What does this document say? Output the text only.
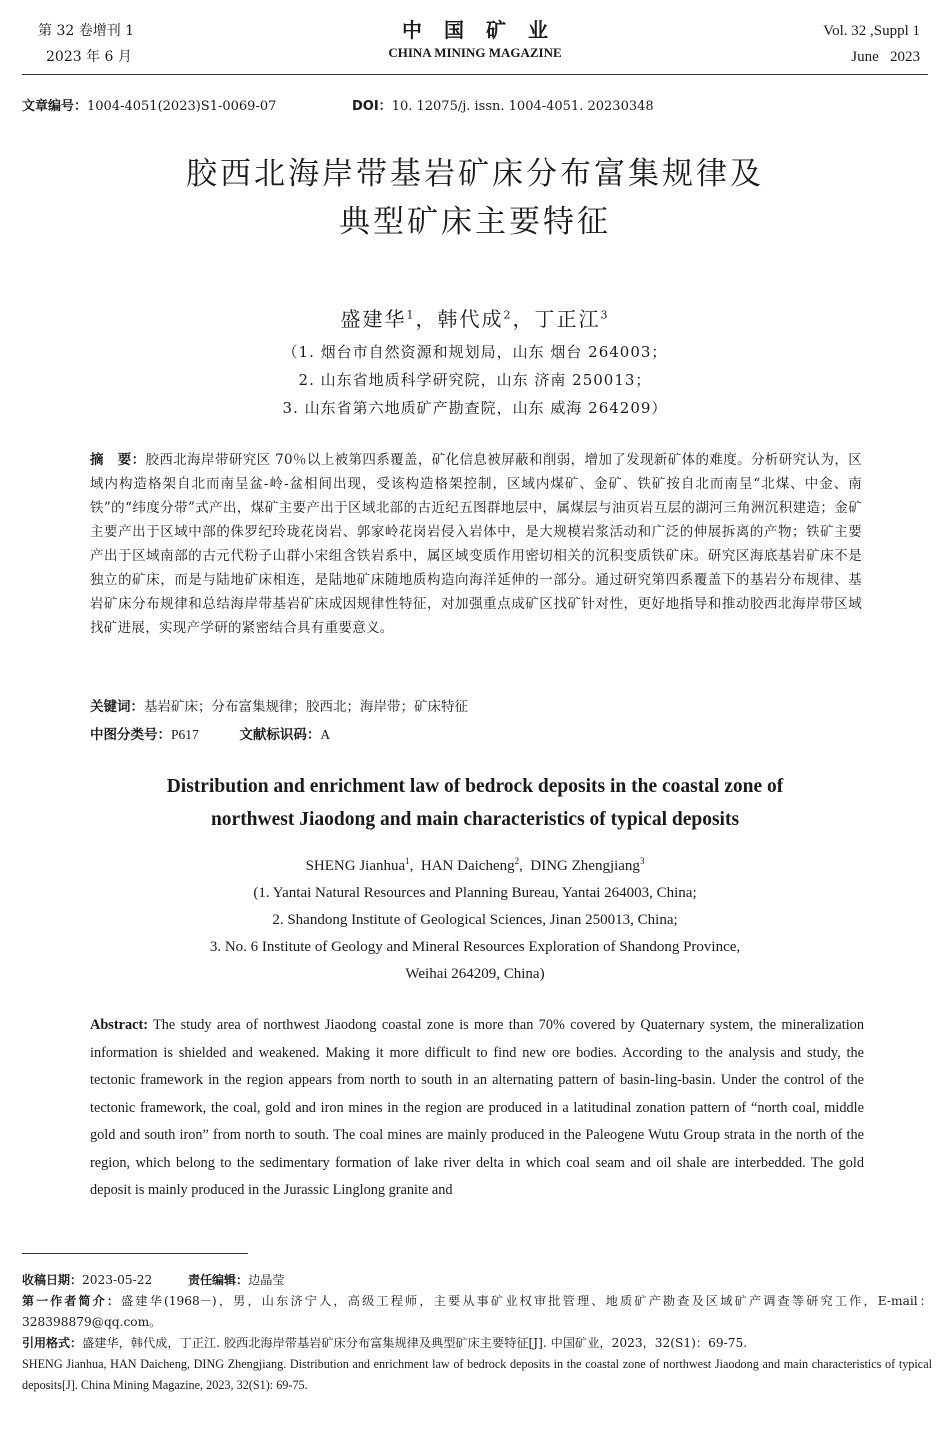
第 32 卷增刊 1
2023 年 6 月
中国矿业
CHINA MINING MAGAZINE
Vol. 32 ,Suppl 1
June   2023
文章编号：1004-4051(2023)S1-0069-07	DOI：10. 12075/j. issn. 1004-4051. 20230348
胶西北海岸带基岩矿床分布富集规律及
典型矿床主要特征
盛建华$^1$，韩代成$^2$，丁正江$^3$
（1. 烟台市自然资源和规划局，山东 烟台 264003；
2. 山东省地质科学研究院，山东 济南 250013；
3. 山东省第六地质矿产勘查院，山东 威海 264209）
摘　要：胶西北海岸带研究区 70％以上被第四系覆盖，矿化信息被屏蔽和削弱，增加了发现新矿体的难度。分析研究认为，区域内构造格架自北而南呈盆-岭-盆相间出现，受该构造格架控制，区域内煤矿、金矿、铁矿按自北而南呈“北煤、中金、南铁”的“纬度分带”式产出，煤矿主要产出于区域北部的古近纪五图群地层中，属煤层与油页岩互层的湖河三角洲沉积建造；金矿主要产出于区域中部的侏罗纪玲珑花岗岩、郭家岭花岗岩侵入岩体中，是大规模岩浆活动和广泛的伸展拆离的产物；铁矿主要产出于区域南部的古元代粉子山群小宋组含铁岩系中，属区域变质作用密切相关的沉积变质铁矿床。研究区海底基岩矿床不是独立的矿床，而是与陆地矿床相连，是陆地矿床随地质构造向海洋延伸的一部分。通过研究第四系覆盖下的基岩分布规律、基岩矿床分布规律和总结海岸带基岩矿床成因规律性特征，对加强重点成矿区找矿针对性，更好地指导和推动胶西北海岸带区域找矿进展，实现产学研的紧密结合具有重要意义。
关键词：基岩矿床；分布富集规律；胶西北；海岸带；矿床特征
中图分类号：P617	文献标识码：A
Distribution and enrichment law of bedrock deposits in the coastal zone of
northwest Jiaodong and main characteristics of typical deposits
SHENG Jianhua$^1$,  HAN Daicheng$^2$,  DING Zhengjiang$^3$
(1. Yantai Natural Resources and Planning Bureau, Yantai 264003, China;
2. Shandong Institute of Geological Sciences, Jinan 250013, China;
3. No. 6 Institute of Geology and Mineral Resources Exploration of Shandong Province,
Weihai 264209, China)
Abstract: The study area of northwest Jiaodong coastal zone is more than 70% covered by Quaternary system, the mineralization information is shielded and weakened. Making it more difficult to find new ore bodies. According to the analysis and study, the tectonic framework in the region appears from north to south in an alternating pattern of basin-ling-basin. Under the control of the tectonic framework, the coal, gold and iron mines in the region are produced in a latitudinal zonation pattern of “north coal, middle gold and south iron” from north to south. The coal mines are mainly produced in the Paleogene Wutu Group strata in the north of the region, which belong to the sedimentary formation of lake river delta in which coal seam and oil shale are interbedded. The gold deposit is mainly produced in the Jurassic Linglong granite and
收稿日期：2023-05-22	责任编辑：边晶莹
第一作者简介：盛建华(1968－)，男，山东济宁人，高级工程师，主要从事矿业权审批管理、地质矿产勘查及区域矿产调查等研究工作，E-mail：328398879@qq.com。
引用格式：盛建华，韩代成，丁正江. 胶西北海岸带基岩矿床分布富集规律及典型矿床主要特征[J]. 中国矿业，2023，32(S1)：69-75.
SHENG Jianhua, HAN Daicheng, DING Zhengjiang. Distribution and enrichment law of bedrock deposits in the coastal zone of northwest Jiaodong and main characteristics of typical deposits[J]. China Mining Magazine, 2023, 32(S1): 69-75.
